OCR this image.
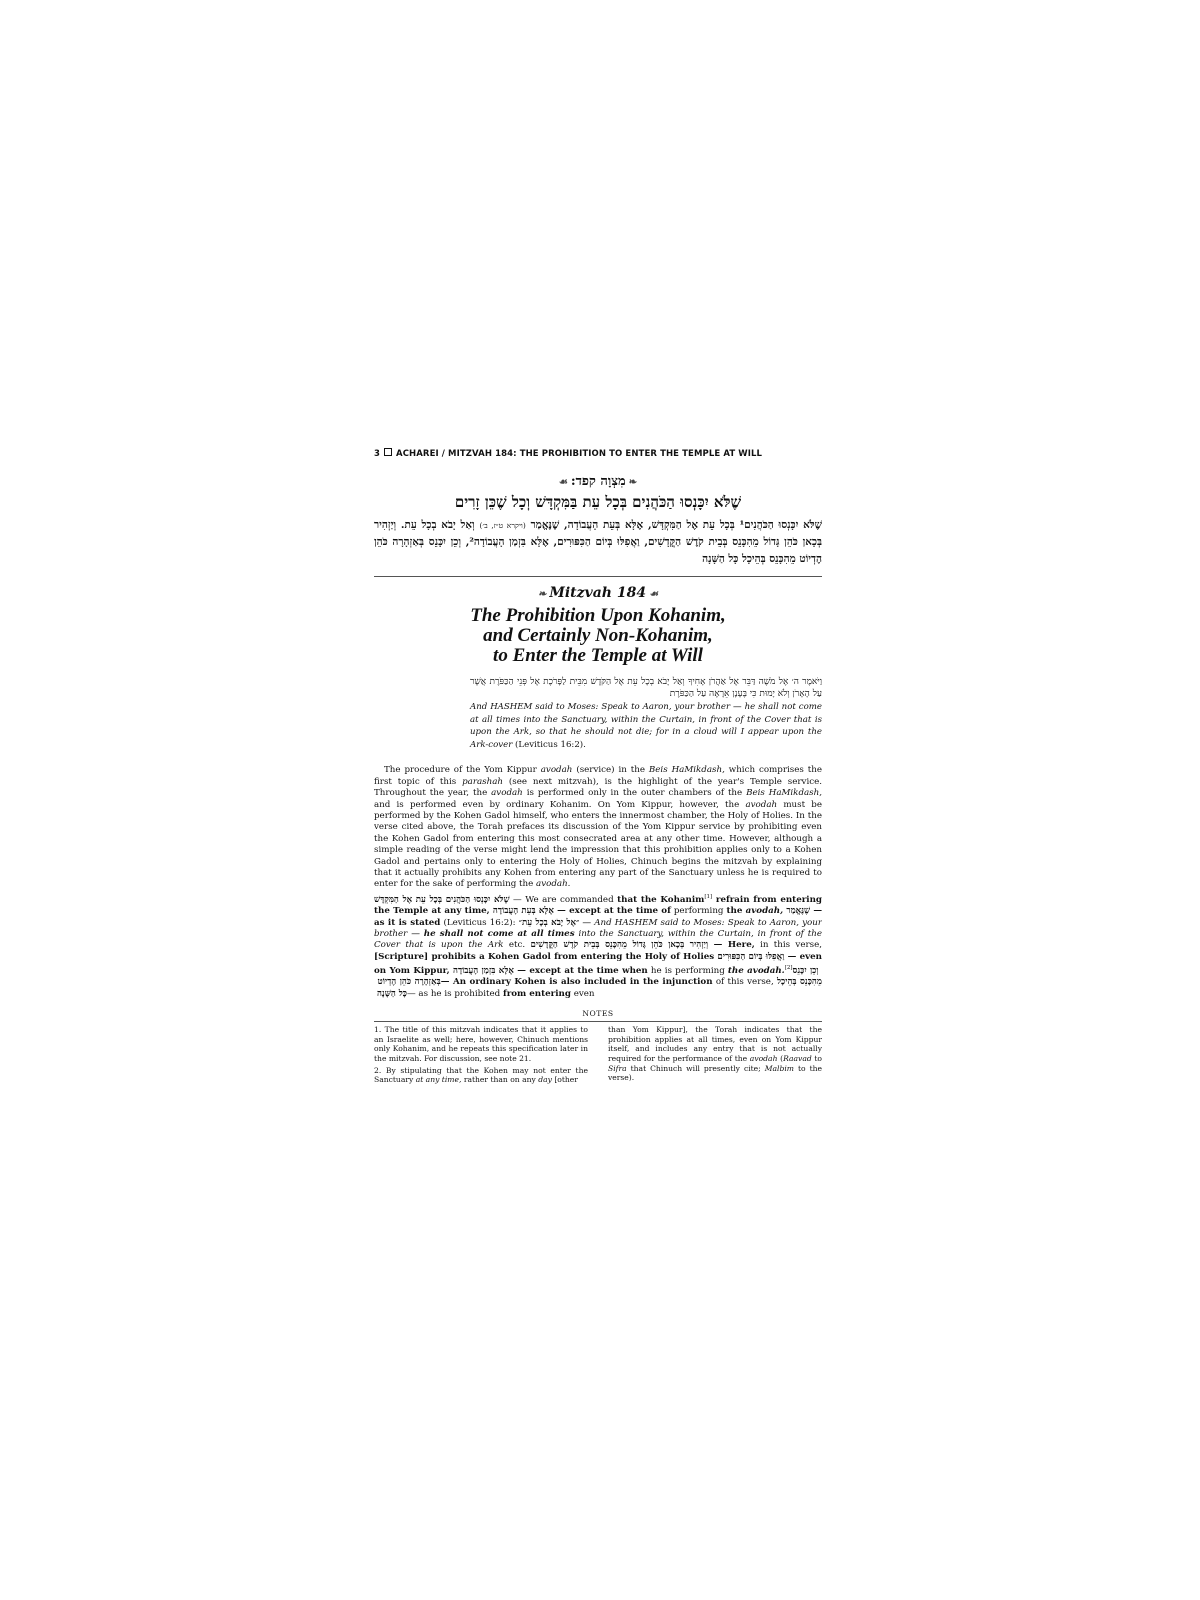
3 ACHAREI / MITZVAH 184: THE PROHIBITION TO ENTER THE TEMPLE AT WILL
❧מִצְוָה קפד:☙
שֶׁלֹּא יִכָּנְסוּ הַכֹּהֲנִים בְּכָל עֵת בַּמִּקְדָּשׁ וְכָל שֶׁכֵּן זָרִים
שֶׁלֹּא יִכָּנְסוּ הַכֹּהֲנִים¹ בְּכָל עֵת אֶל הַמִּקְדָּשׁ, אֶלָּא בְּעֵת הָעֲבוֹדָה, שֶׁנֶּאֱמַר (ויקרא ט״ז, ב׳) וְאַל יָבֹא בְכָל עֵת. וְיַזְהִיר בְּכָאן כֹּהֵן גָּדוֹל מֵהִכָּנֵס בְּבֵית קֹדֶשׁ הַקֳּדָשִׁים, וַאֲפִלּוּ בְּיוֹם הַכִּפּוּרִים, אֶלָּא בִּזְמַן הָעֲבוֹדָה², וְכֵן יִכָּנֵס בְּאַזְהָרָה כֹּהֵן הֶדְיוֹט מֵהִכָּנֵס בְּהֵיכָל כָּל הַשָּׁנָה
❧ Mitzvah 184 ☙
The Prohibition Upon Kohanim,
and Certainly Non-Kohanim,
to Enter the Temple at Will
וַיֹּאמֶר ה׳ אֶל מֹשֶׁה דַּבֵּר אֶל אַהֲרֹן אָחִיךָ וְאַל יָבֹא בְכָל עֵת אֶל הַקֹּדֶשׁ מִבֵּית לַפָּרֹכֶת אֶל פְּנֵי הַכַּפֹּרֶת אֲשֶׁר עַל הָאָרֹן וְלֹא יָמוּת כִּי בֶּעָנָן אֵרָאֶה עַל הַכַּפֹּרֶת
And HASHEM said to Moses: Speak to Aaron, your brother — he shall not come at all times into the Sanctuary, within the Curtain, in front of the Cover that is upon the Ark, so that he should not die; for in a cloud will I appear upon the Ark-cover (Leviticus 16:2).

The procedure of the Yom Kippur avodah (service) in the Beis HaMikdash, which comprises the first topic of this parashah (see next mitzvah), is the highlight of the year's Temple service. Throughout the year, the avodah is performed only in the outer chambers of the Beis HaMikdash, and is performed even by ordinary Kohanim. On Yom Kippur, however, the avodah must be performed by the Kohen Gadol himself, who enters the innermost chamber, the Holy of Holies. In the verse cited above, the Torah prefaces its discussion of the Yom Kippur service by prohibiting even the Kohen Gadol from entering this most consecrated area at any other time. However, although a simple reading of the verse might lend the impression that this prohibition applies only to a Kohen Gadol and pertains only to entering the Holy of Holies, Chinuch begins the mitzvah by explaining that it actually prohibits any Kohen from entering any part of the Sanctuary unless he is required to enter for the sake of performing the avodah.

שֶׁלֹּא יִכָּנְסוּ הַכֹּהֲנִים בְּכָל עֵת אֶל הַמִּקְדָּשׁ — We are commanded that the Kohanim[1] refrain from entering the Temple at any time, אֶלָּא בְּעֵת הָעֲבוֹדָה — except at the time of performing the avodah, שֶׁנֶּאֱמַר — as it is stated (Leviticus 16:2): ״אֶל יָבֹא בְכָל עֵת״ — And HASHEM said to Moses: Speak to Aaron, your brother — he shall not come at all times into the Sanctuary, within the Curtain, in front of the Cover that is upon the Ark etc. וְיַזְהִיר בְּכָאן כֹּהֵן גָּדוֹל מֵהִכָּנֵס בְּבֵית קֹדֶשׁ הַקֳּדָשִׁים — Here, in this verse, [Scripture] prohibits a Kohen Gadol from entering the Holy of Holies וַאֲפִלּוּ בְּיוֹם הַכִּפּוּרִים — even on Yom Kippur, אֶלָּא בִּזְמַן הָעֲבוֹדָה — except at the time when he is performing the avodah.[2] וְכֵן יִכָּנֵס בְּאַזְהָרָה כֹּהֵן הֶדְיוֹט — An ordinary Kohen is also included in the injunction of this verse, מֵהִכָּנֵס בְּהֵיכָל כָּל הַשָּׁנָה — as he is prohibited from entering even

NOTES

1. The title of this mitzvah indicates that it applies to an Israelite as well; here, however, Chinuch mentions only Kohanim, and he repeats this specification later in the mitzvah. For discussion, see note 21.

2. By stipulating that the Kohen may not enter the Sanctuary at any time, rather than on any day [other

than Yom Kippur], the Torah indicates that the prohibition applies at all times, even on Yom Kippur itself, and includes any entry that is not actually required for the performance of the avodah (Raavad to Sifra that Chinuch will presently cite; Malbim to the verse).
